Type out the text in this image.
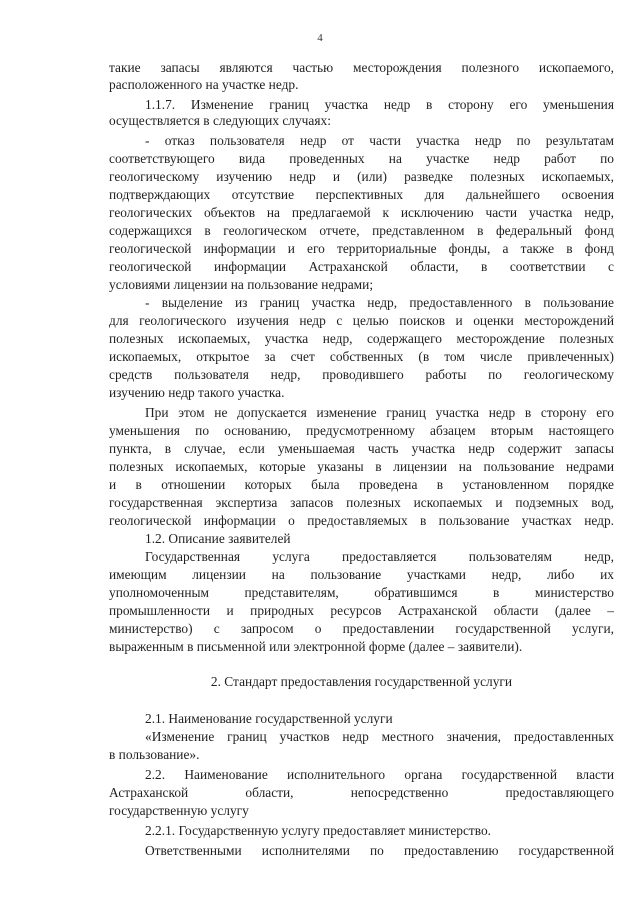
4
такие запасы являются частью месторождения полезного ископаемого,
расположенного на участке недр.
1.1.7. Изменение границ участка недр в сторону его уменьшения
осуществляется в следующих случаях:
- отказ пользователя недр от части участка недр по результатам
соответствующего вида проведенных на участке недр работ по
геологическому изучению недр и (или) разведке полезных ископаемых,
подтверждающих отсутствие перспективных для дальнейшего освоения
геологических объектов на предлагаемой к исключению части участка недр,
содержащихся в геологическом отчете, представленном в федеральный фонд
геологической информации и его территориальные фонды, а также в фонд
геологической информации Астраханской области, в соответствии с
условиями лицензии на пользование недрами;
- выделение из границ участка недр, предоставленного в пользование
для геологического изучения недр с целью поисков и оценки месторождений
полезных ископаемых, участка недр, содержащего месторождение полезных
ископаемых, открытое за счет собственных (в том числе привлеченных)
средств пользователя недр, проводившего работы по геологическому
изучению недр такого участка.
При этом не допускается изменение границ участка недр в сторону его
уменьшения по основанию, предусмотренному абзацем вторым настоящего
пункта, в случае, если уменьшаемая часть участка недр содержит запасы
полезных ископаемых, которые указаны в лицензии на пользование недрами
и в отношении которых была проведена в установленном порядке
государственная экспертиза запасов полезных ископаемых и подземных вод,
геологической информации о предоставляемых в пользование участках недр.
1.2. Описание заявителей
Государственная услуга предоставляется пользователям недр,
имеющим лицензии на пользование участками недр, либо их
уполномоченным представителям, обратившимся в министерство
промышленности и природных ресурсов Астраханской области (далее –
министерство) с запросом о предоставлении государственной услуги,
выраженным в письменной или электронной форме (далее – заявители).
2. Стандарт предоставления государственной услуги
2.1. Наименование государственной услуги
«Изменение границ участков недр местного значения, предоставленных
в пользование».
2.2. Наименование исполнительного органа государственной власти
Астраханской области, непосредственно предоставляющего
государственную услугу
2.2.1. Государственную услугу предоставляет министерство.
Ответственными исполнителями по предоставлению государственной
